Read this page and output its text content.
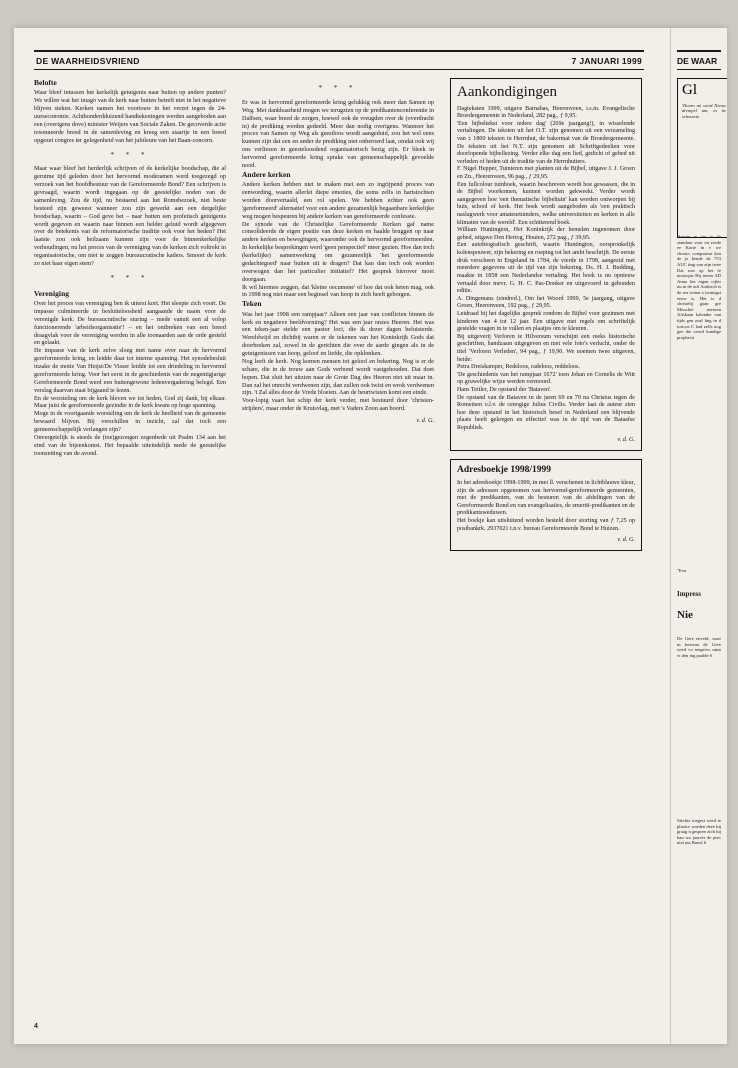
DE WAARHEIDSVRIEND	7 JANUARI 1999
Belofte

Waar bleef intussen het kerkelijk getuigenis naar buiten op andere punten? We willen wat het imago van de kerk naar buiten betreft niet in het negatieve blijven steken. Kerken namen het voortouw in het verzet tegen de 24-uurseconomie. Achthonderdduizend handtekeningen werden aangeboden aan een (overigens dove) minister Weijers van Sociale Zaken. De gecoverde actie resonneerde breed in de samenleving en kreeg een staartje in een breed opgezet congres ter gelegenheid van het jubileum van het Baan-concern.

* * *

Maar waar bleef het herderlijk schrijven of de kerkelijke boodschap, die al geruime tijd geleden door het hervormd moderamen werd toegezegd op verzoek van het hoofdbestuur van de Gereformeerde Bond? Een schrijven is gevraagd, waarin wordt ingegaan op de geestelijke noden van de samenleving. Zou de tijd, nu bestaend aan het Romebezoek, niet beste besteed zijn geweest wanneer zou zijn gewerkt aan een dergelijke boodschap, waarin – God geve het – naar buiten een profetisch getuigenis wordt gegeven en waarin naar binnen een helder geluid wordt afgegeven over de betekenis van de reformatorische traditie ook voor het heden? Het laatste zou ook heilzaam kunnen zijn voor de binnenkerkelijke verhoudingen, nu het proces van de vereniging van de kerken zich voltrekt in organisatorische, om niet te zeggen bureaucratische kaders. Smoort de kerk zo niet haar eigen stem?

* * *
Vereniging

Over het proces van vereniging ben ik uiterst kort. Het sleepte zich voort. De impasse culmineerde in besluiteloosheid aangaande de naam voor de verenigde kerk. De bureaucratische sturing – mede vanuit een al volop functionerende 'arbeidsorganisatie'! – en het ontbreken van een breed draagvlak voor de vereniging werden in alle toonaarden aan de orde gesteld en gelaakt.

De impasse van de kerk zelve sloeg met name over naar de hervormd gereformeerde kring, en leidde daar tot interne spanning. Het synodebesluit inzake de motie Van Heijst/De Visser leidde tot een driedeling in hervormd gereformeerde kring. Voor het eerst in de geschiedenis van de negentigjarige Gereformeerde Bond werd een buitengewone ledenvergadering belegd. Een verslag daarvan staat bijgaand te lezen.

En de worsteling om de kerk bleven we tot heden, God zij dank, bij elkaar. Maar juist de gereformeerde gezindte in de kerk kwam op hoge spanning.

Moge in de voortgaande worsteling om de kerk de heelheid van de gemeente bewaard blijven. Bij verschillen in inzicht, zal dat toch een gemeenschappelijk verlangen zijn?

Onvergetelijk is steeds de (toe)gezongen zegenbede uit Psalm 134 aan het eind van de bijeenkomst. Het bepaalde uiteindelijk mede de geestelijke toonzetting van de avond.

* * *

Er was in hervormd gereformeerde kring gelukkig ook meer dan Samen op Weg. Met dankbaarheid mogen we terugzien op de predikantenconferentie in Dalfsen, waar breed de zorgen, hoewel ook de vreugden over de (overdracht in) de prediking werden gedeeld. Meer dan nodig overigens. Wanneer het proces van Samen op Weg als geestloos wordt aangeduid, zou het wel eens kunnen zijn dat een en ander de prediking niet onberoerd laat, omdat ook wij ons verliezen in geesteloosdend organisatorisch bezig zijn. Er bleek in hervormd gereformeerde kring sprake van gemeenschappelijk gevoelde nood.

Andere kerken

Andere kerken hebben niet te maken met een zo ingrijpend proces van eenwording, waarin allerlei diepe emoties, die soms zelfs in hartstochten worden doorvertaald, een rol spelen. We hebben echter ook geen 'gereformeerd' alternatief voor een andere gezamenlijk begaanbare kerkelijke weg mogen bespeuren bij andere kerken van gereformeerde confessie.

De synode van de Christelijke Gereformeerde Kerken gaf name consolideerde de eigen positie van deze kerken en haalde bruggen op naar andere kerken en bewegingen, waaronder ook de hervormd gereformeerden. In kerkelijke besprekingen werd 'geen perspectief' meer gezien. Hoe dan toch (kerkelijke) samenwerking om gezamenlijk 'het gereformeerde gedachtegoed' naar buiten uit te dragen? Dat kan dan toch ook worden overwogen dan het particulier initiatief? Het gesprek hierover moet doorgaan.

Ik wil hiermee zeggen, dat 'kleine oecumene' of hoe dat ook heten mag, ook in 1998 nog niet maar een beginsel van hoop in zich heeft geborgen.

Teken

Was het jaar 1998 een rampjaar? Alleen een jaar van conflicten binnen de kerk en negatieve beeldvorming? Het was een jaar onzes Heeren. Het was een teken-jaar stelde een pastor loci, die ik dezer dagen beluisterde. Wereldwijd en dichtbij waren er de tekenen van het Koninkrijk Gods dat doorbreken zal, zowel in de gerichten die over de aarde gingen als in de getuigenissen van hoop, geloof en liefde, die opklonken.

Nog leeft de kerk. Nog komen mensen tot geloof en bekering. Nog is er de schare, die in de trouw aan Gods verbond wordt vastgehouden. Dat doet hopen. Dat sluit het uitzien naar de Grote Dag des Heeren niet uit maar in. Dan zal het onrecht verdwenen zijn, dan zullen ook twist en wrok verdwenen zijn. 't Zal alles door de Vrede bloeien. Aan de beurtwisten komt een einde.

Voor-lopig vaart het schip der kerk verder, met bestuurd door 'christen-strijders', maar onder de Kruisvlag, met 's Vaders Zoon aan boord.

v. d. G.
Aankondigingen

Dagteksten 1999, uitgave Barnabas, Heerenveen, i.s.m. Evangelische Broedergemeente in Nederland, 282 pag., ƒ 9,95.

'Een bijbeltekst voor iedere dag' (269e jaargang!), in wisselende vertalingen. De teksten uit het O.T. zijn genomen uit een verzameling van ± 1800 teksten in Herrnhut, de bakermat van de Broedergemeente. De teksten uit het N.T. zijn genomen uit Schriftgedeelten voor doorlopende bijbellezing. Verder elke dag een lied, gedicht of gebed uit verleden of heden uit de traditie van de Herrnhutters.

F. Nigel Hepper, Tuinieren met planten uit de Bijbel, uitgave J. J. Groen en Zn., Heerenveen, 96 pag., ƒ 29,95.

Een fullcolour tuinboek, waarin beschreven wordt hoe gewassen, die in de Bijbel voorkomen, kunnen worden gekweekt. Verder wordt aangegeven hoe 'een thematische bijbeltuin' kan worden ontworpen bij huis, school of kerk. Het boek wordt aangeboden als 'een praktisch naslagwerk voor amateurtuinders, welke universiteiten en kerken in alle klimaten van de wereld'. Een schitterend boek.

William Huntington, Het Koninkrijk der hemelen ingenomen door gebed, uitgave Den Hertog, Houten, 272 pag., ƒ 39,95.

Een autobiografisch geschrift, waarin Huntington, oorspronkelijk kolenspouwer, zijn bekering en roeping tot het ambt beschrijft. De eerste druk verscheen in Engeland in 1784, de vierde in 1798, aangezid met meerdere gegevens uit de tijd van zijn bekering. Ds. H. J. Budding, maakte in 1858 een Nederlandse vertaling. Het boek is nu opnieuw vertaald door mevr. G. H. C. Pas-Donker en uitgevoerd in gebonden editie.

A. Dingemans (eindred.), Om het Woord 1999, 5e jaargang, uitgave Groen, Heerenveen, 192 pag., ƒ 29,95.

Leidraad bij het dagelijks gesprek rondom de Bijbel voor gezinnen met kinderen van 4 tot 12 jaar. Een uitgave met regels om schriftelijk gestelde vragen in te vullen en plaatjes om te kleuren.

Bij uitgeverij Verloren te Hilversum verschijnt een reeks historische geschriften, handzaam uitgegeven en met vele foto's verlucht, onder de titel 'Verloren Verleden', 94 pag., ƒ 19,90. We noemen twee uitgaven, beide:

Petra Dreiskamper, Redeloos, radeloos, reddeloos.

'De geschiedenis van het rampjaar 1672' toen Johan en Cornelis de Witt op gruwelijke wijze werden vermoord.

Hans Teitler, De opstand der 'Bataven'.

De opstand van de Bataven in de jaren 69 en 70 na Christus tegen de Romeinen o.l.v. de cenogige Julius Civilis. Verder laat de auteur zien hoe deze opstand in het historisch besef in Nederland een blijvende plaats heeft gekregen en effectief was in de tijd van de Bataafse Republiek.

v. d. G.
Adresboekje 1998/1999

In het adresboekje 1998-1999, in mei ll. verschenen in lichtblauwe kleur, zijn de adressen opgenomen van hervormd-gereformeerde gemeenten, met de predikanten, van de besturen van de afdelingen van de Gereformeerde Bond en van evangelisaties, de emeriti-predikanten en de predikantsweduwen.

Het boekje kan uitsluitend worden besteld door storting van ƒ 7,25 op postbankrk. 2937021 t.n.v. bureau Gereformeerde Bond te Huizen.

v. d. G.
4
DE WAAR
Gl
'Hoezo mi word Nieuw drempel um, in he schouwin
'Samen m rius is du standaar voor en zesde ee Korte in v we chrono comproma ken de je kende da 753 AUC ting van zijn twee Dat was op het fe nieuwjaa Hij noem AD Anno het eigen cijfer nu in de ach Arabisch is de rea weten o twintigst eeuw is. Het is d christelij gaan gre Misschie mensen Afrikaan kalender van tijds gen zoal ling in d toricus C had zelfs nog gee die overd kundige prophecii
"Een
Impress
Nie
De Gere neveld, waar in bezwaa de Gere werd vo tengevw ruim vi den ing paalde S
Slechts toegest werd te plaatsv worden deze bij graag n gespree zich bij kan wo jaarver de prec niet aut Bond, h
